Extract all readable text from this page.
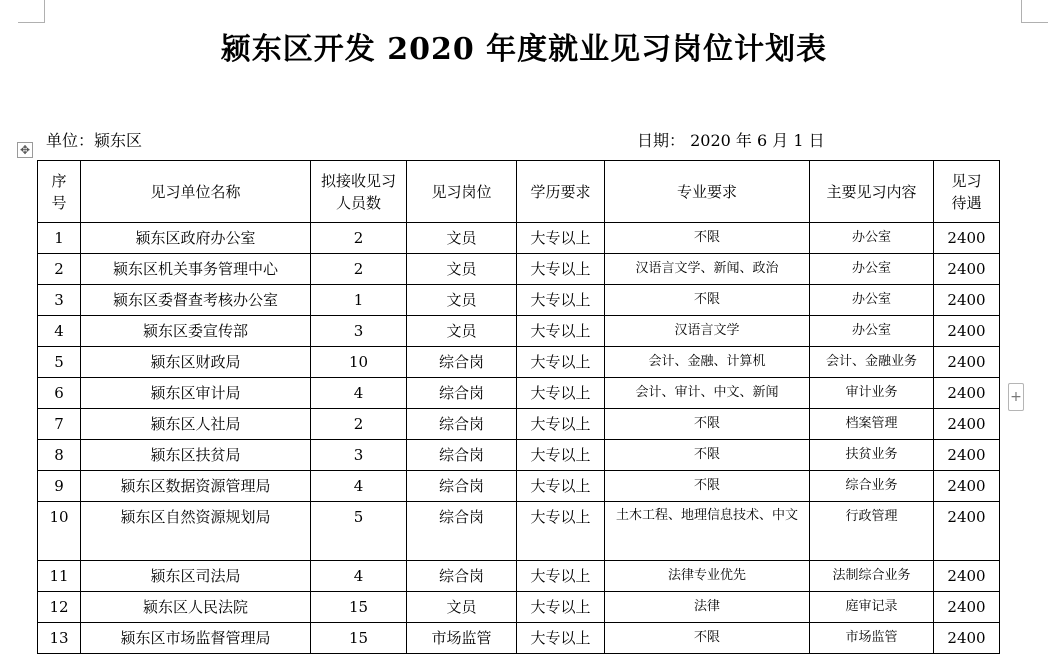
颍东区开发 2020 年度就业见习岗位计划表
单位：颍东区	日期： 2020 年 6 月 1 日
✥
序号	见习单位名称	拟接收见习人员数	见习岗位	学历要求	专业要求	主要见习内容	见习待遇
1	颍东区政府办公室	2	文员	大专以上	不限	办公室	2400
2	颍东区机关事务管理中心	2	文员	大专以上	汉语言文学、新闻、政治	办公室	2400
3	颍东区委督查考核办公室	1	文员	大专以上	不限	办公室	2400
4	颍东区委宣传部	3	文员	大专以上	汉语言文学	办公室	2400
5	颍东区财政局	10	综合岗	大专以上	会计、金融、计算机	会计、金融业务	2400
6	颍东区审计局	4	综合岗	大专以上	会计、审计、中文、新闻	审计业务	2400
7	颍东区人社局	2	综合岗	大专以上	不限	档案管理	2400
8	颍东区扶贫局	3	综合岗	大专以上	不限	扶贫业务	2400
9	颍东区数据资源管理局	4	综合岗	大专以上	不限	综合业务	2400
10	颍东区自然资源规划局	5	综合岗	大专以上	土木工程、地理信息技术、中文	行政管理	2400
11	颍东区司法局	4	综合岗	大专以上	法律专业优先	法制综合业务	2400
12	颍东区人民法院	15	文员	大专以上	法律	庭审记录	2400
13	颍东区市场监督管理局	15	市场监管	大专以上	不限	市场监管	2400
+
